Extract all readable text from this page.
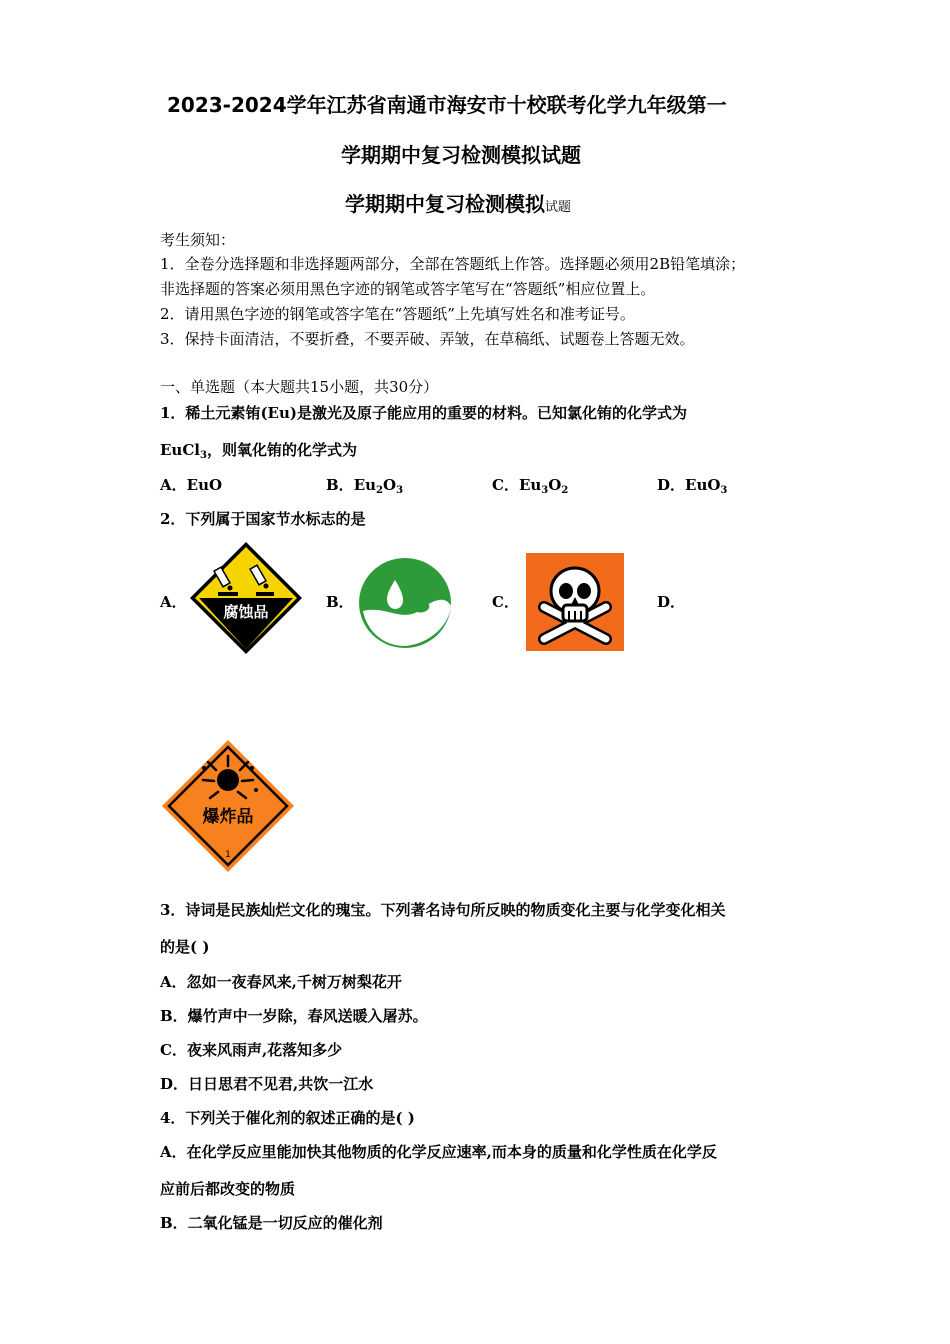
2023-2024学年江苏省南通市海安市十校联考化学九年级第一
学期期中复习检测模拟试题
学期期中复习检测模拟试题
考生须知：
1．全卷分选择题和非选择题两部分，全部在答题纸上作答。选择题必须用2B铅笔填涂；
非选择题的答案必须用黑色字迹的钢笔或答字笔写在“答题纸”相应位置上。
2．请用黑色字迹的钢笔或答字笔在“答题纸”上先填写姓名和准考证号。
3．保持卡面清洁，不要折叠，不要弄破、弄皱，在草稿纸、试题卷上答题无效。
一、单选题（本大题共15小题，共30分）
1．稀土元素铕(Eu)是激光及原子能应用的重要的材料。已知氯化铕的化学式为
EuCl$_3$，则氧化铕的化学式为
A．EuO	B．$Eu_2O_3$	C．$Eu_3O_2$	D．EuO$_3$
2．下列属于国家节水标志的是
A．	B．	C．	D．
腐蚀品
爆炸品
1
3．诗词是民族灿烂文化的瑰宝。下列著名诗句所反映的物质变化主要与化学变化相关
的是( )
A．忽如一夜春风来,千树万树梨花开
B．爆竹声中一岁除，春风送暖入屠苏。
C．夜来风雨声,花落知多少
D．日日思君不见君,共饮一江水
4．下列关于催化剂的叙述正确的是( )
A．在化学反应里能加快其他物质的化学反应速率,而本身的质量和化学性质在化学反
应前后都改变的物质
B．二氧化锰是一切反应的催化剂
